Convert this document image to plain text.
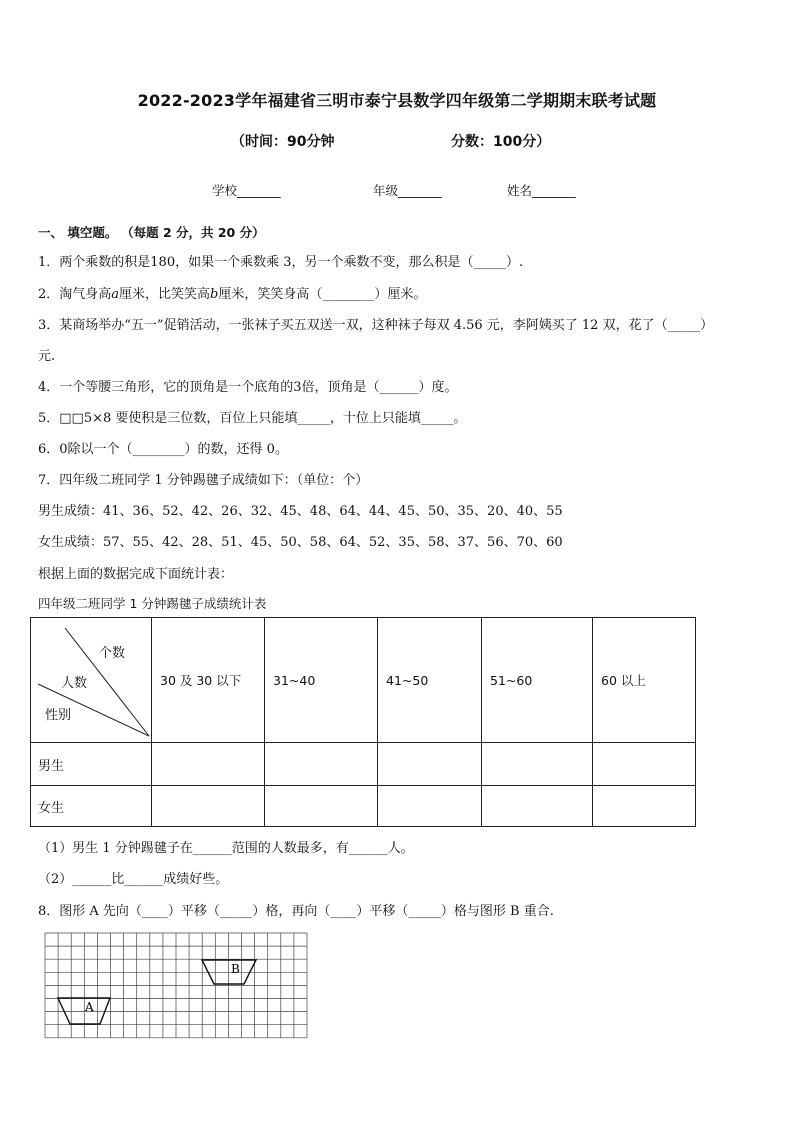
2022-2023学年福建省三明市泰宁县数学四年级第二学期期末联考试题
（时间：90分钟	分数：100分）
学校_______	年级_______	姓名_______
一、 填空题。 （每题 2 分，共 20 分）
1．两个乘数的积是180，如果一个乘数乘 3，另一个乘数不变，那么积是（_____）.
2．淘气身高𝑎厘米，比笑笑高𝑏厘米，笑笑身高（________）厘米。
3．某商场举办“五一”促销活动，一张袜子买五双送一双，这种袜子每双 4.56 元，李阿姨买了 12 双，花了（_____）
元.
4．一个等腰三角形，它的顶角是一个底角的3倍，顶角是（______）度。
5．□□5×8 要使积是三位数，百位上只能填_____，十位上只能填_____。
6．0除以一个（________）的数，还得 0。
7．四年级二班同学 1 分钟踢毽子成绩如下：（单位：个）
男生成绩：41、36、52、42、26、32、45、48、64、44、45、50、35、20、40、55
女生成绩：57、55、42、28、51、45、50、58、64、52、35、58、37、56、70、60
根据上面的数据完成下面统计表：
四年级二班同学 1 分钟踢毽子成绩统计表
个数
人数
性别	30 及 30 以下	31~40	41~50	51~60	60 以上
男生					
女生					
（1）男生 1 分钟踢毽子在______范围的人数最多，有______人。
（2）______比______成绩好些。
8．图形 A 先向（____）平移（_____）格，再向（____）平移（_____）格与图形 B 重合.
B
A
